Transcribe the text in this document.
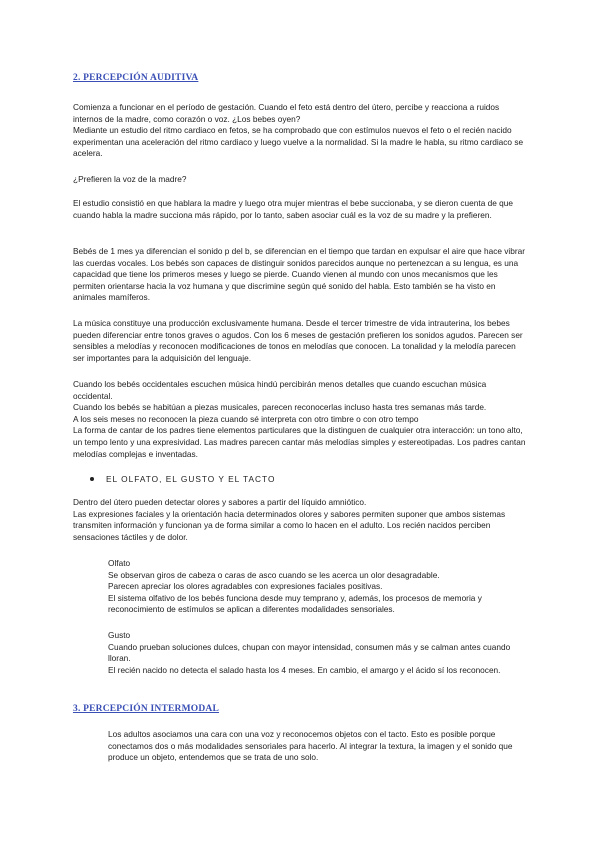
2. PERCEPCIÓN AUDITIVA

Comienza a funcionar en el período de gestación. Cuando el feto está dentro del útero, percibe y reacciona a ruidos internos de la madre, como corazón o voz. ¿Los bebes oyen?

Mediante un estudio del ritmo cardiaco en fetos, se ha comprobado que con estímulos nuevos el feto o el recién nacido experimentan una aceleración del ritmo cardiaco y luego vuelve a la normalidad. Si la madre le habla, su ritmo cardiaco se acelera.

¿Prefieren la voz de la madre?
El estudio consistió en que hablara la madre y luego otra mujer mientras el bebe succionaba, y se dieron cuenta de que cuando habla la madre succiona más rápido, por lo tanto, saben asociar cuál es la voz de su madre y la prefieren.
Bebés de 1 mes ya diferencian el sonido p del b, se diferencian en el tiempo que tardan en expulsar el aire que hace vibrar las cuerdas vocales. Los bebés son capaces de distinguir sonidos parecidos aunque no pertenezcan a su lengua, es una capacidad que tiene los primeros meses y luego se pierde. Cuando vienen al mundo con unos mecanismos que les permiten orientarse hacia la voz humana y que discrimine según qué sonido del habla. Esto también se ha visto en animales mamíferos.
La música constituye una producción exclusivamente humana. Desde el tercer trimestre de vida intrauterina, los bebes pueden diferenciar entre tonos graves o agudos. Con los 6 meses de gestación prefieren los sonidos agudos. Parecen ser sensibles a melodías y reconocen modificaciones de tonos en melodías que conocen. La tonalidad y la melodía parecen ser importantes para la adquisición del lenguaje.

Cuando los bebés occidentales escuchen música hindú percibirán menos detalles que cuando escuchan música occidental.

Cuando los bebés se habitúan a piezas musicales, parecen reconocerlas incluso hasta tres semanas más tarde.

A los seis meses no reconocen la pieza cuando sé interpreta con otro timbre o con otro tempo

La forma de cantar de los padres tiene elementos particulares que la distinguen de cualquier otra interacción: un tono alto, un tempo lento y una expresividad. Las madres parecen cantar más melodías simples y estereotipadas. Los padres cantan melodías complejas e inventadas.

EL OLFATO, EL GUSTO Y EL TACTO

Dentro del útero pueden detectar olores y sabores a partir del líquido amniótico.

Las expresiones faciales y la orientación hacia determinados olores y sabores permiten suponer que ambos sistemas transmiten información y funcionan ya de forma similar a como lo hacen en el adulto. Los recién nacidos perciben sensaciones táctiles y de dolor.

Olfato

Se observan giros de cabeza o caras de asco cuando se les acerca un olor desagradable.

Parecen apreciar los olores agradables con expresiones faciales positivas.

El sistema olfativo de los bebés funciona desde muy temprano y, además, los procesos de memoria y reconocimiento de estímulos se aplican a diferentes modalidades sensoriales.

Gusto

Cuando prueban soluciones dulces, chupan con mayor intensidad, consumen más y se calman antes cuando lloran.

El recién nacido no detecta el salado hasta los 4 meses. En cambio, el amargo y el ácido sí los reconocen.

3. PERCEPCIÓN INTERMODAL
Los adultos asociamos una cara con una voz y reconocemos objetos con el tacto. Esto es posible porque conectamos dos o más modalidades sensoriales para hacerlo. Al integrar la textura, la imagen y el sonido que produce un objeto, entendemos que se trata de uno solo.
